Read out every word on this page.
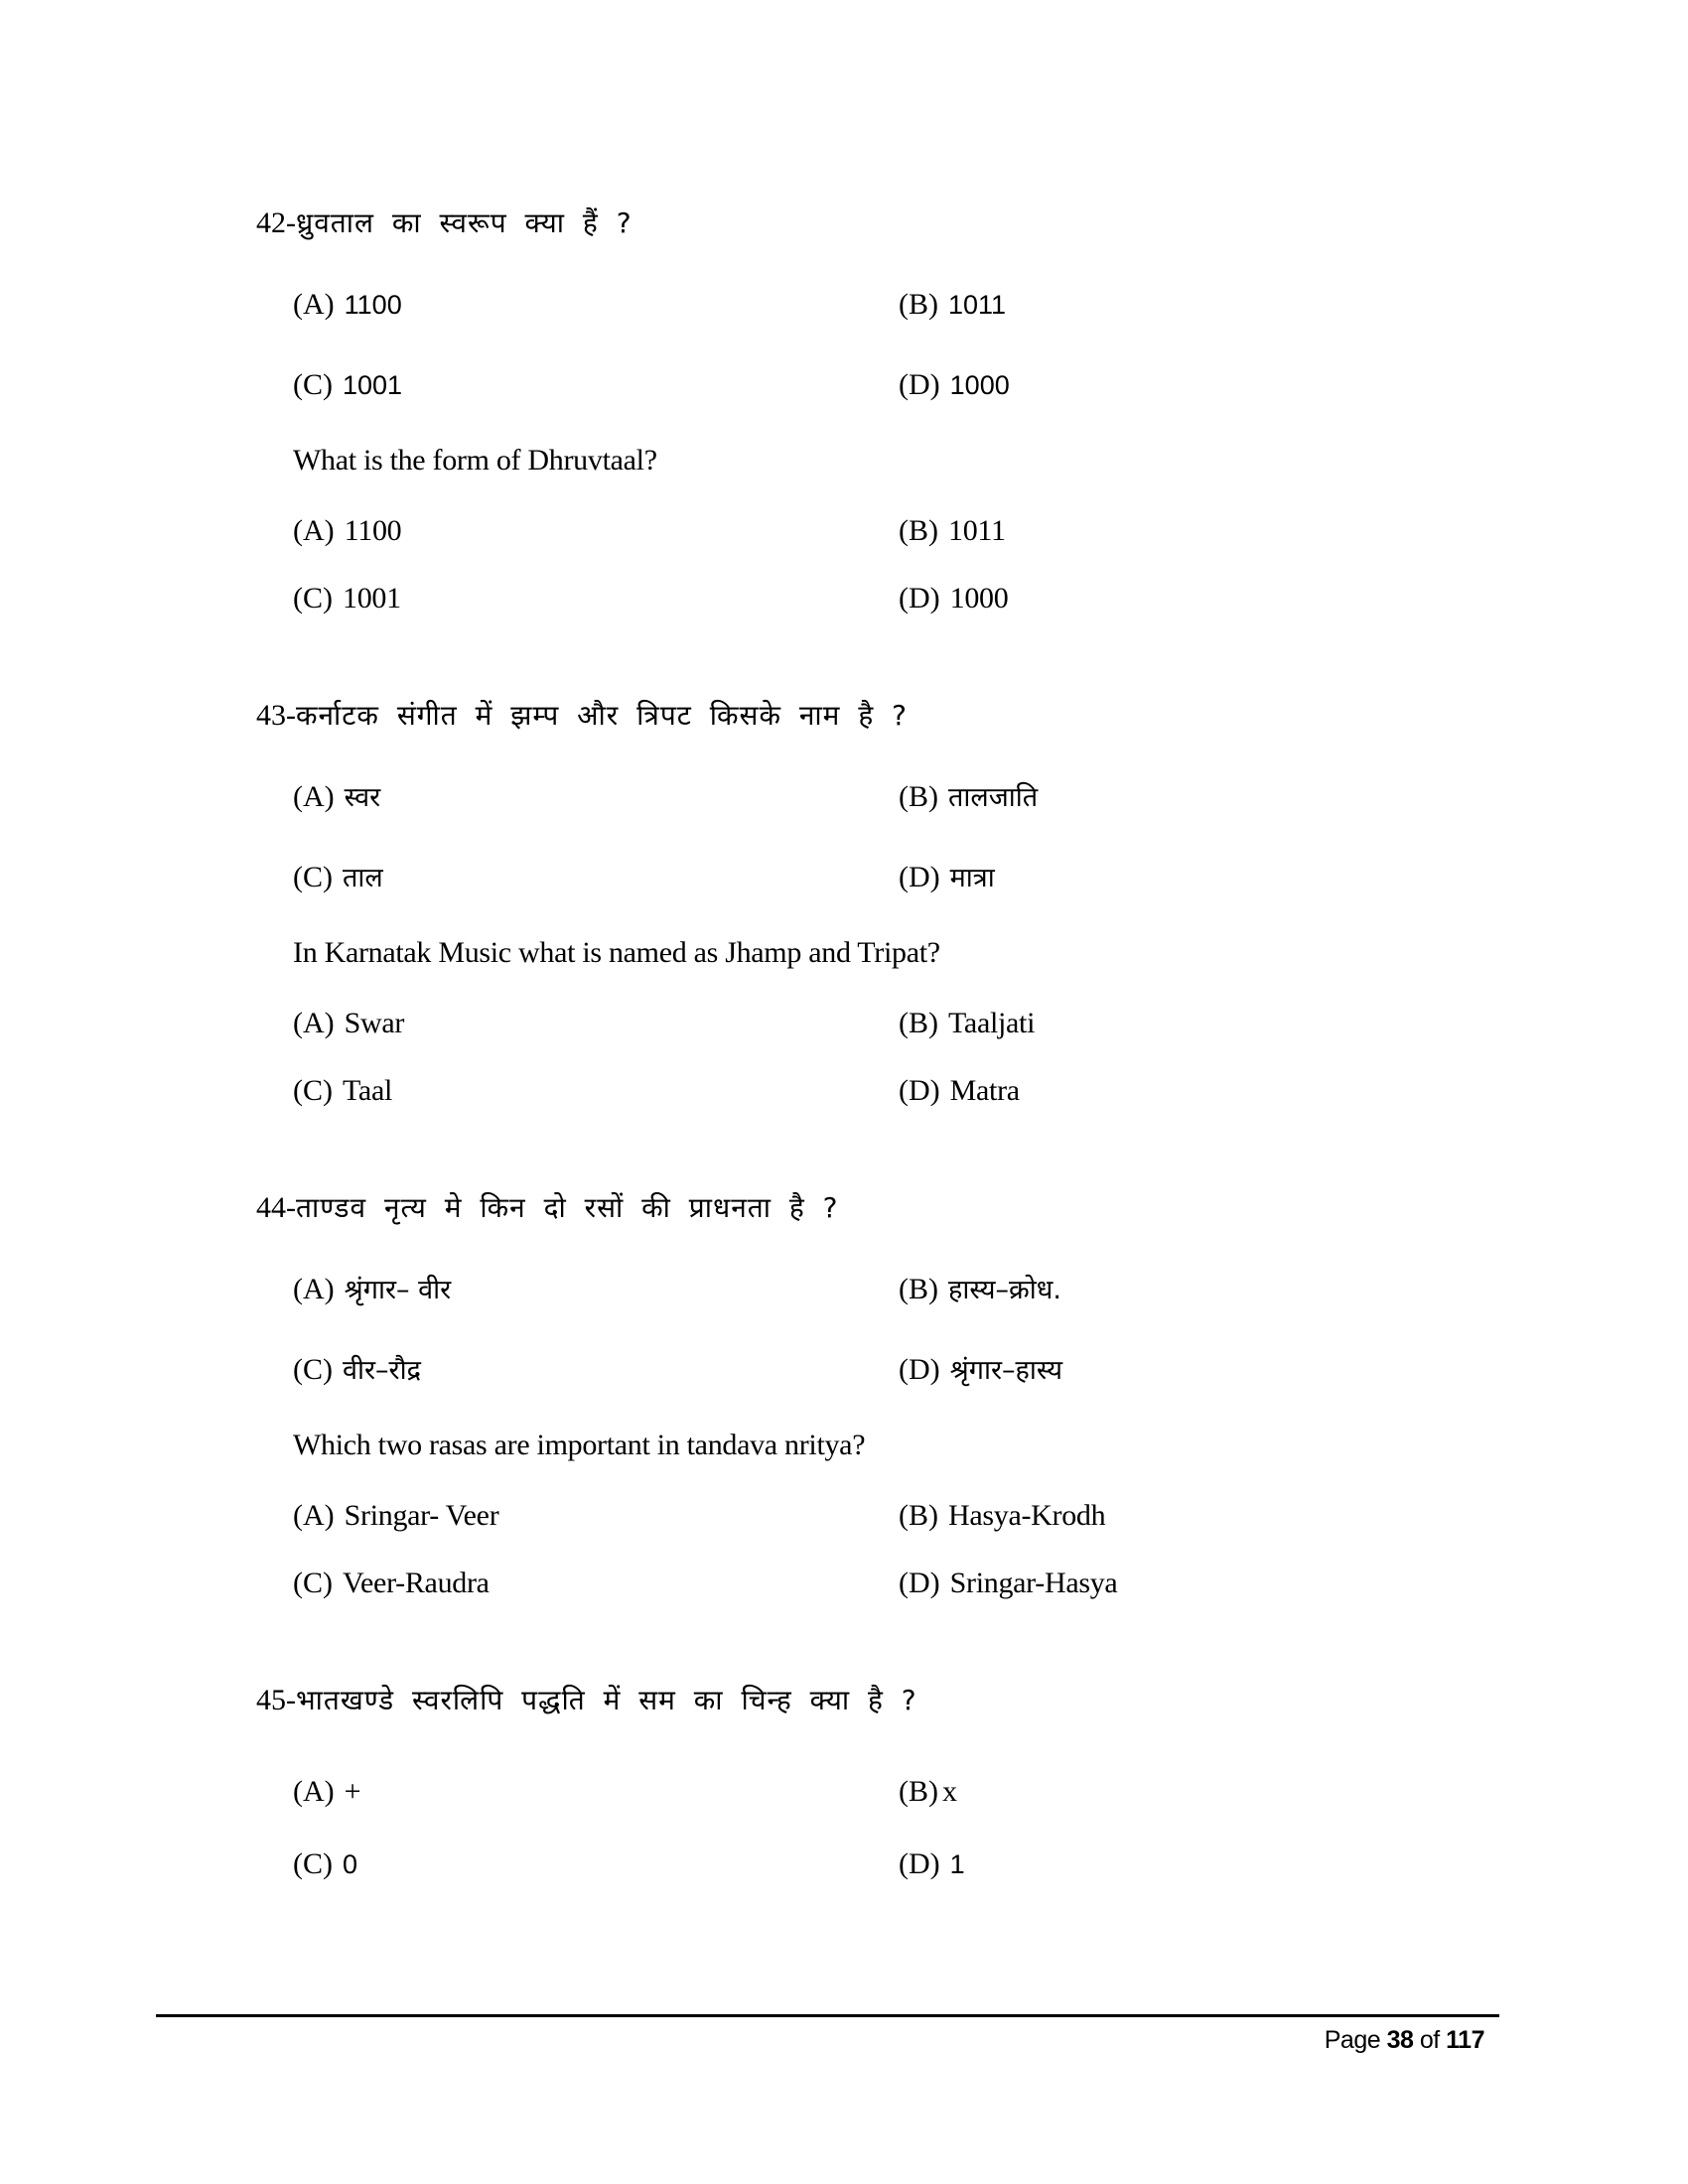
42-ध्रुवताल का स्वरूप क्या हैं ?
(A) 1100	(B) 1011
(C) 1001	(D) 1000
What is the form of Dhruvtaal?
(A) 1100	(B) 1011
(C) 1001	(D) 1000
43-कर्नाटक संगीत में झम्प और त्रिपट किसके नाम है ?
(A) स्वर	(B) तालजाति
(C) ताल	(D) मात्रा
In Karnatak Music what is named as Jhamp and Tripat?
(A) Swar	(B) Taaljati
(C) Taal	(D) Matra
44-ताण्डव नृत्य मे किन दो रसों की प्राधनता है ?
(A) श्रृंगार– वीर	(B) हास्य–क्रोध.
(C) वीर–रौद्र	(D) श्रृंगार–हास्य
Which two rasas are important in tandava nritya?
(A) Sringar- Veer	(B) Hasya-Krodh
(C) Veer-Raudra	(D) Sringar-Hasya
45-भातखण्डे स्वरलिपि पद्धति में सम का चिन्ह क्या है ?
(A) +	(B) x
(C) 0	(D) 1
Page 38 of 117
